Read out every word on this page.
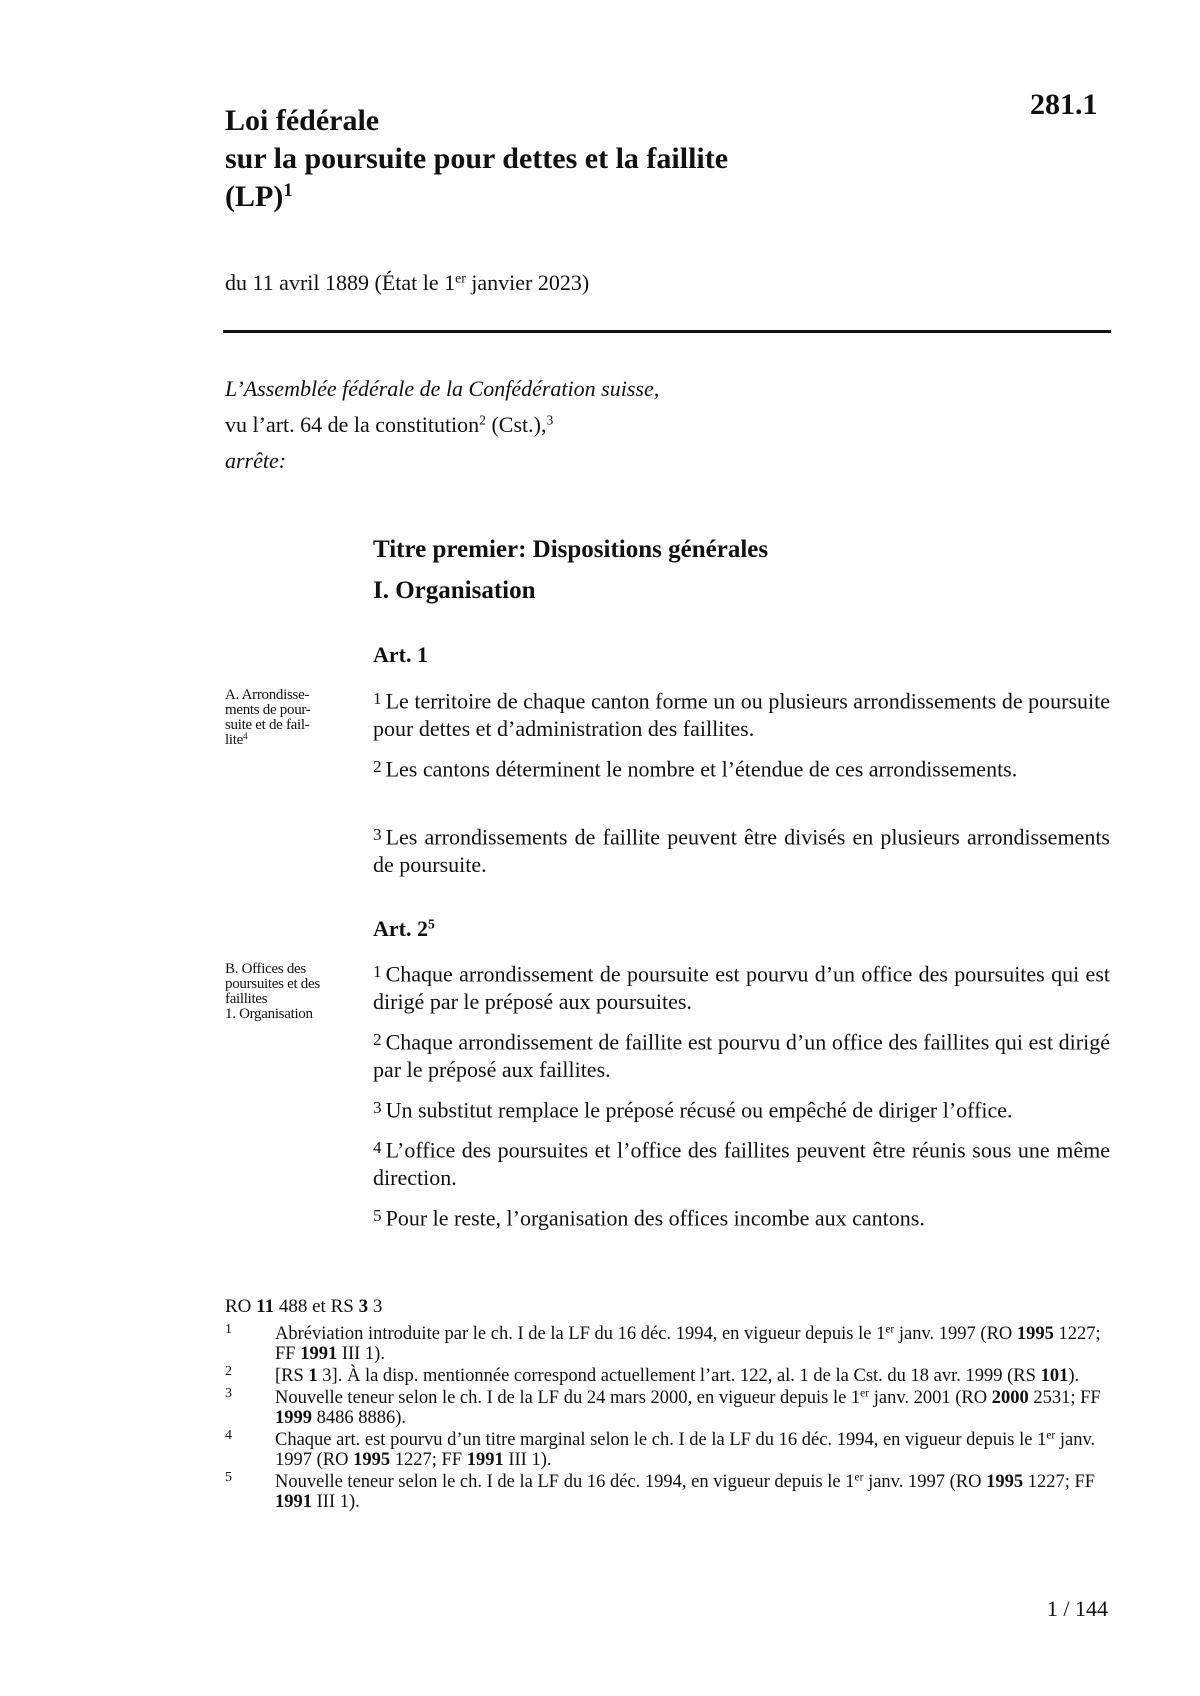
281.1
Loi fédérale
sur la poursuite pour dettes et la faillite
(LP)$^1$
du 11 avril 1889 (État le 1er janvier 2023)
L’Assemblée fédérale de la Confédération suisse,
vu l’art. 64 de la constitution$^2$ (Cst.),$^3$
arrête:
Titre premier: Dispositions générales
I. Organisation
Art. 1
A. Arrondisse-
ments de pour-
suite et de fail-
lite$^4$
1 Le territoire de chaque canton forme un ou plusieurs arrondissements de poursuite pour dettes et d’administration des faillites.
2 Les cantons déterminent le nombre et l’étendue de ces arrondissements.
3 Les arrondissements de faillite peuvent être divisés en plusieurs arrondissements de poursuite.
Art. $2^5$
B. Offices des
poursuites et des
faillites
1. Organisation
1 Chaque arrondissement de poursuite est pourvu d’un office des poursuites qui est dirigé par le préposé aux poursuites.
2 Chaque arrondissement de faillite est pourvu d’un office des faillites qui est dirigé par le préposé aux faillites.
3 Un substitut remplace le préposé récusé ou empêché de diriger l’office.
4 L’office des poursuites et l’office des faillites peuvent être réunis sous une même direction.
5 Pour le reste, l’organisation des offices incombe aux cantons.
RO 11 488 et RS 3 3
1 Abréviation introduite par le ch. I de la LF du 16 déc. 1994, en vigueur depuis le 1er janv. 1997 (RO 1995 1227; FF 1991 III 1).
2 [RS 1 3]. À la disp. mentionnée correspond actuellement l’art. 122, al. 1 de la Cst. du 18 avr. 1999 (RS 101).
3 Nouvelle teneur selon le ch. I de la LF du 24 mars 2000, en vigueur depuis le 1er janv. 2001 (RO 2000 2531; FF 1999 8486 8886).
4 Chaque art. est pourvu d’un titre marginal selon le ch. I de la LF du 16 déc. 1994, en vigueur depuis le 1er janv. 1997 (RO 1995 1227; FF 1991 III 1).
5 Nouvelle teneur selon le ch. I de la LF du 16 déc. 1994, en vigueur depuis le 1er janv. 1997 (RO 1995 1227; FF 1991 III 1).
1 / 144
